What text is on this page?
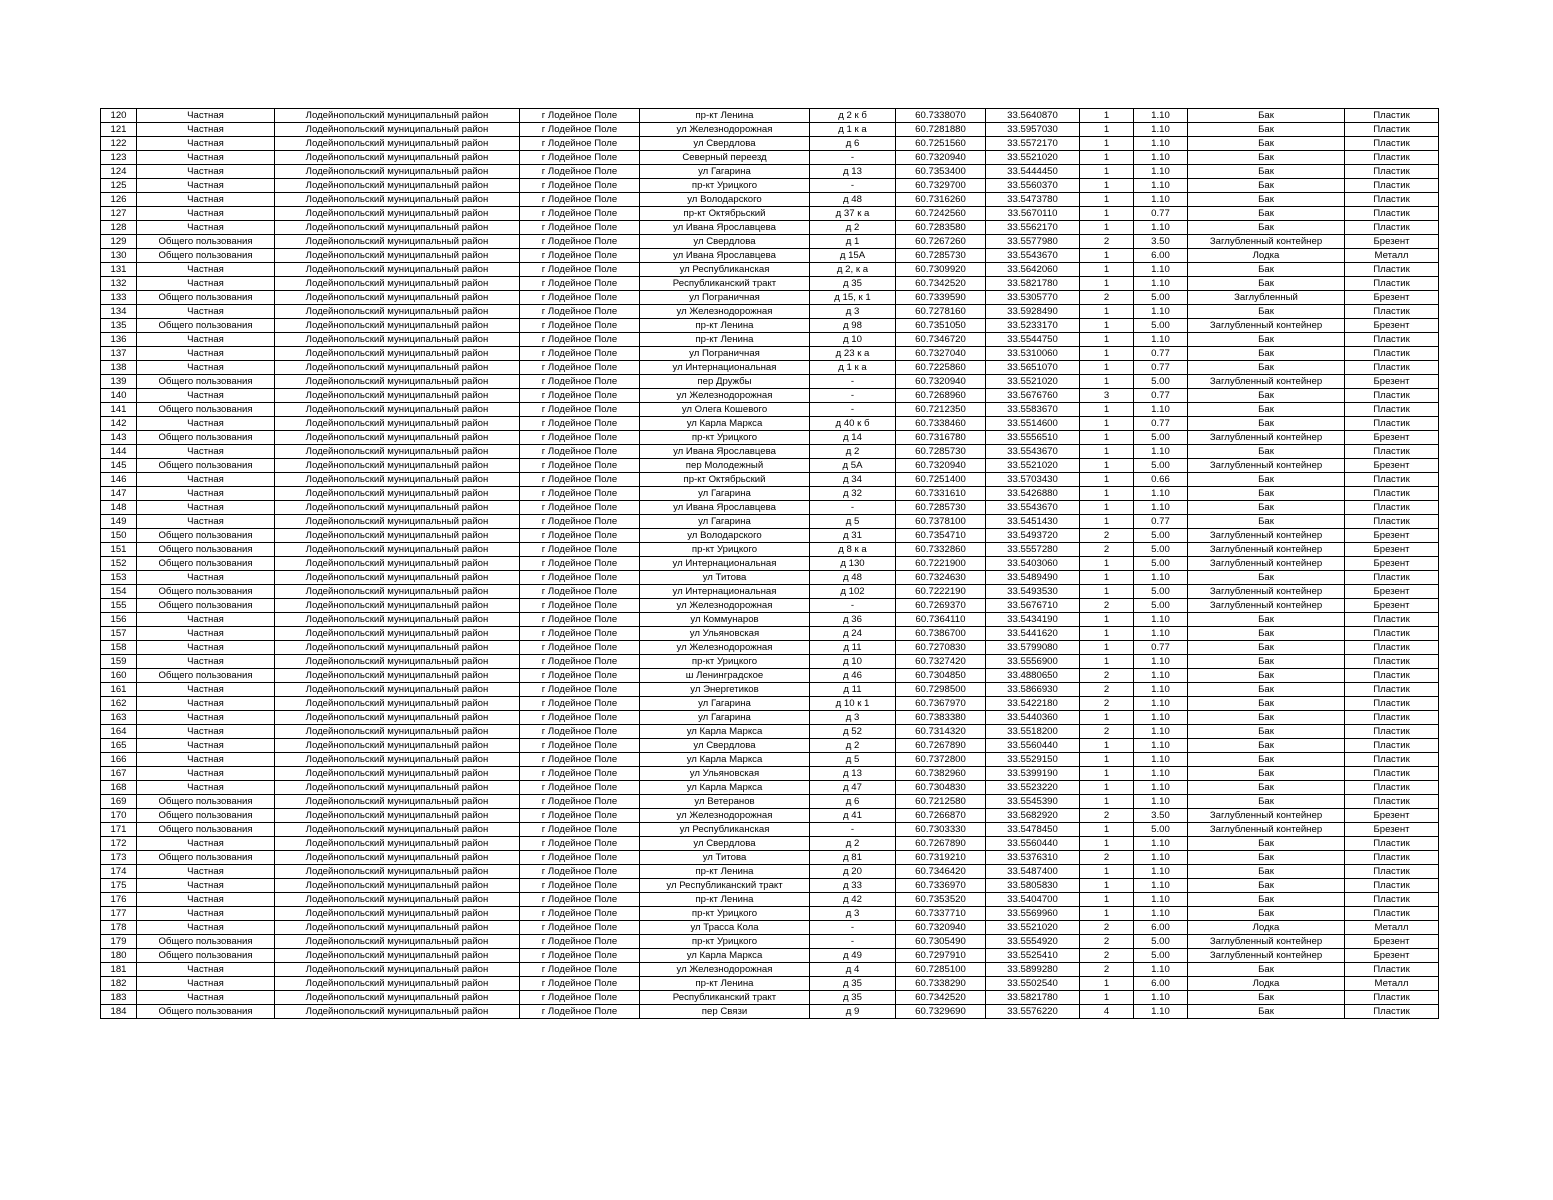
120	Частная	Лодейнопольский муниципальный район	г Лодейное Поле	пр-кт Ленина	д 2 к б	60.7338070	33.5640870	1	1.10	Бак	Пластик
121	Частная	Лодейнопольский муниципальный район	г Лодейное Поле	ул Железнодорожная	д 1 к а	60.7281880	33.5957030	1	1.10	Бак	Пластик
122	Частная	Лодейнопольский муниципальный район	г Лодейное Поле	ул Свердлова	д 6	60.7251560	33.5572170	1	1.10	Бак	Пластик
123	Частная	Лодейнопольский муниципальный район	г Лодейное Поле	Северный переезд	-	60.7320940	33.5521020	1	1.10	Бак	Пластик
124	Частная	Лодейнопольский муниципальный район	г Лодейное Поле	ул Гагарина	д 13	60.7353400	33.5444450	1	1.10	Бак	Пластик
125	Частная	Лодейнопольский муниципальный район	г Лодейное Поле	пр-кт Урицкого	-	60.7329700	33.5560370	1	1.10	Бак	Пластик
126	Частная	Лодейнопольский муниципальный район	г Лодейное Поле	ул Володарского	д 48	60.7316260	33.5473780	1	1.10	Бак	Пластик
127	Частная	Лодейнопольский муниципальный район	г Лодейное Поле	пр-кт Октябрьский	д 37 к а	60.7242560	33.5670110	1	0.77	Бак	Пластик
128	Частная	Лодейнопольский муниципальный район	г Лодейное Поле	ул Ивана Ярославцева	д 2	60.7283580	33.5562170	1	1.10	Бак	Пластик
129	Общего пользования	Лодейнопольский муниципальный район	г Лодейное Поле	ул Свердлова	д 1	60.7267260	33.5577980	2	3.50	Заглубленный контейнер	Брезент
130	Общего пользования	Лодейнопольский муниципальный район	г Лодейное Поле	ул Ивана Ярославцева	д 15А	60.7285730	33.5543670	1	6.00	Лодка	Металл
131	Частная	Лодейнопольский муниципальный район	г Лодейное Поле	ул Республиканская	д 2, к а	60.7309920	33.5642060	1	1.10	Бак	Пластик
132	Частная	Лодейнопольский муниципальный район	г Лодейное Поле	Республиканский тракт	д 35	60.7342520	33.5821780	1	1.10	Бак	Пластик
133	Общего пользования	Лодейнопольский муниципальный район	г Лодейное Поле	ул Пограничная	д 15, к 1	60.7339590	33.5305770	2	5.00	Заглубленный	Брезент
134	Частная	Лодейнопольский муниципальный район	г Лодейное Поле	ул Железнодорожная	д 3	60.7278160	33.5928490	1	1.10	Бак	Пластик
135	Общего пользования	Лодейнопольский муниципальный район	г Лодейное Поле	пр-кт Ленина	д 98	60.7351050	33.5233170	1	5.00	Заглубленный контейнер	Брезент
136	Частная	Лодейнопольский муниципальный район	г Лодейное Поле	пр-кт Ленина	д 10	60.7346720	33.5544750	1	1.10	Бак	Пластик
137	Частная	Лодейнопольский муниципальный район	г Лодейное Поле	ул Пограничная	д 23 к а	60.7327040	33.5310060	1	0.77	Бак	Пластик
138	Частная	Лодейнопольский муниципальный район	г Лодейное Поле	ул Интернациональная	д 1 к а	60.7225860	33.5651070	1	0.77	Бак	Пластик
139	Общего пользования	Лодейнопольский муниципальный район	г Лодейное Поле	пер Дружбы	-	60.7320940	33.5521020	1	5.00	Заглубленный контейнер	Брезент
140	Частная	Лодейнопольский муниципальный район	г Лодейное Поле	ул Железнодорожная	-	60.7268960	33.5676760	3	0.77	Бак	Пластик
141	Общего пользования	Лодейнопольский муниципальный район	г Лодейное Поле	ул Олега Кошевого	-	60.7212350	33.5583670	1	1.10	Бак	Пластик
142	Частная	Лодейнопольский муниципальный район	г Лодейное Поле	ул Карла Маркса	д 40 к б	60.7338460	33.5514600	1	0.77	Бак	Пластик
143	Общего пользования	Лодейнопольский муниципальный район	г Лодейное Поле	пр-кт Урицкого	д 14	60.7316780	33.5556510	1	5.00	Заглубленный контейнер	Брезент
144	Частная	Лодейнопольский муниципальный район	г Лодейное Поле	ул Ивана Ярославцева	д 2	60.7285730	33.5543670	1	1.10	Бак	Пластик
145	Общего пользования	Лодейнопольский муниципальный район	г Лодейное Поле	пер Молодежный	д 5А	60.7320940	33.5521020	1	5.00	Заглубленный контейнер	Брезент
146	Частная	Лодейнопольский муниципальный район	г Лодейное Поле	пр-кт Октябрьский	д 34	60.7251400	33.5703430	1	0.66	Бак	Пластик
147	Частная	Лодейнопольский муниципальный район	г Лодейное Поле	ул Гагарина	д 32	60.7331610	33.5426880	1	1.10	Бак	Пластик
148	Частная	Лодейнопольский муниципальный район	г Лодейное Поле	ул Ивана Ярославцева	-	60.7285730	33.5543670	1	1.10	Бак	Пластик
149	Частная	Лодейнопольский муниципальный район	г Лодейное Поле	ул Гагарина	д 5	60.7378100	33.5451430	1	0.77	Бак	Пластик
150	Общего пользования	Лодейнопольский муниципальный район	г Лодейное Поле	ул Володарского	д 31	60.7354710	33.5493720	2	5.00	Заглубленный контейнер	Брезент
151	Общего пользования	Лодейнопольский муниципальный район	г Лодейное Поле	пр-кт Урицкого	д 8 к а	60.7332860	33.5557280	2	5.00	Заглубленный контейнер	Брезент
152	Общего пользования	Лодейнопольский муниципальный район	г Лодейное Поле	ул Интернациональная	д 130	60.7221900	33.5403060	1	5.00	Заглубленный контейнер	Брезент
153	Частная	Лодейнопольский муниципальный район	г Лодейное Поле	ул Титова	д 48	60.7324630	33.5489490	1	1.10	Бак	Пластик
154	Общего пользования	Лодейнопольский муниципальный район	г Лодейное Поле	ул Интернациональная	д 102	60.7222190	33.5493530	1	5.00	Заглубленный контейнер	Брезент
155	Общего пользования	Лодейнопольский муниципальный район	г Лодейное Поле	ул Железнодорожная	-	60.7269370	33.5676710	2	5.00	Заглубленный контейнер	Брезент
156	Частная	Лодейнопольский муниципальный район	г Лодейное Поле	ул Коммунаров	д 36	60.7364110	33.5434190	1	1.10	Бак	Пластик
157	Частная	Лодейнопольский муниципальный район	г Лодейное Поле	ул Ульяновская	д 24	60.7386700	33.5441620	1	1.10	Бак	Пластик
158	Частная	Лодейнопольский муниципальный район	г Лодейное Поле	ул Железнодорожная	д 11	60.7270830	33.5799080	1	0.77	Бак	Пластик
159	Частная	Лодейнопольский муниципальный район	г Лодейное Поле	пр-кт Урицкого	д 10	60.7327420	33.5556900	1	1.10	Бак	Пластик
160	Общего пользования	Лодейнопольский муниципальный район	г Лодейное Поле	ш Ленинградское	д 46	60.7304850	33.4880650	2	1.10	Бак	Пластик
161	Частная	Лодейнопольский муниципальный район	г Лодейное Поле	ул Энергетиков	д 11	60.7298500	33.5866930	2	1.10	Бак	Пластик
162	Частная	Лодейнопольский муниципальный район	г Лодейное Поле	ул Гагарина	д 10 к 1	60.7367970	33.5422180	2	1.10	Бак	Пластик
163	Частная	Лодейнопольский муниципальный район	г Лодейное Поле	ул Гагарина	д 3	60.7383380	33.5440360	1	1.10	Бак	Пластик
164	Частная	Лодейнопольский муниципальный район	г Лодейное Поле	ул Карла Маркса	д 52	60.7314320	33.5518200	2	1.10	Бак	Пластик
165	Частная	Лодейнопольский муниципальный район	г Лодейное Поле	ул Свердлова	д 2	60.7267890	33.5560440	1	1.10	Бак	Пластик
166	Частная	Лодейнопольский муниципальный район	г Лодейное Поле	ул Карла Маркса	д 5	60.7372800	33.5529150	1	1.10	Бак	Пластик
167	Частная	Лодейнопольский муниципальный район	г Лодейное Поле	ул Ульяновская	д 13	60.7382960	33.5399190	1	1.10	Бак	Пластик
168	Частная	Лодейнопольский муниципальный район	г Лодейное Поле	ул Карла Маркса	д 47	60.7304830	33.5523220	1	1.10	Бак	Пластик
169	Общего пользования	Лодейнопольский муниципальный район	г Лодейное Поле	ул Ветеранов	д 6	60.7212580	33.5545390	1	1.10	Бак	Пластик
170	Общего пользования	Лодейнопольский муниципальный район	г Лодейное Поле	ул Железнодорожная	д 41	60.7266870	33.5682920	2	3.50	Заглубленный контейнер	Брезент
171	Общего пользования	Лодейнопольский муниципальный район	г Лодейное Поле	ул Республиканская	-	60.7303330	33.5478450	1	5.00	Заглубленный контейнер	Брезент
172	Частная	Лодейнопольский муниципальный район	г Лодейное Поле	ул Свердлова	д 2	60.7267890	33.5560440	1	1.10	Бак	Пластик
173	Общего пользования	Лодейнопольский муниципальный район	г Лодейное Поле	ул Титова	д 81	60.7319210	33.5376310	2	1.10	Бак	Пластик
174	Частная	Лодейнопольский муниципальный район	г Лодейное Поле	пр-кт Ленина	д 20	60.7346420	33.5487400	1	1.10	Бак	Пластик
175	Частная	Лодейнопольский муниципальный район	г Лодейное Поле	ул Республиканский тракт	д 33	60.7336970	33.5805830	1	1.10	Бак	Пластик
176	Частная	Лодейнопольский муниципальный район	г Лодейное Поле	пр-кт Ленина	д 42	60.7353520	33.5404700	1	1.10	Бак	Пластик
177	Частная	Лодейнопольский муниципальный район	г Лодейное Поле	пр-кт Урицкого	д 3	60.7337710	33.5569960	1	1.10	Бак	Пластик
178	Частная	Лодейнопольский муниципальный район	г Лодейное Поле	ул Трасса Кола	-	60.7320940	33.5521020	2	6.00	Лодка	Металл
179	Общего пользования	Лодейнопольский муниципальный район	г Лодейное Поле	пр-кт Урицкого	-	60.7305490	33.5554920	2	5.00	Заглубленный контейнер	Брезент
180	Общего пользования	Лодейнопольский муниципальный район	г Лодейное Поле	ул Карла Маркса	д 49	60.7297910	33.5525410	2	5.00	Заглубленный контейнер	Брезент
181	Частная	Лодейнопольский муниципальный район	г Лодейное Поле	ул Железнодорожная	д 4	60.7285100	33.5899280	2	1.10	Бак	Пластик
182	Частная	Лодейнопольский муниципальный район	г Лодейное Поле	пр-кт Ленина	д 35	60.7338290	33.5502540	1	6.00	Лодка	Металл
183	Частная	Лодейнопольский муниципальный район	г Лодейное Поле	Республиканский тракт	д 35	60.7342520	33.5821780	1	1.10	Бак	Пластик
184	Общего пользования	Лодейнопольский муниципальный район	г Лодейное Поле	пер Связи	д 9	60.7329690	33.5576220	4	1.10	Бак	Пластик
